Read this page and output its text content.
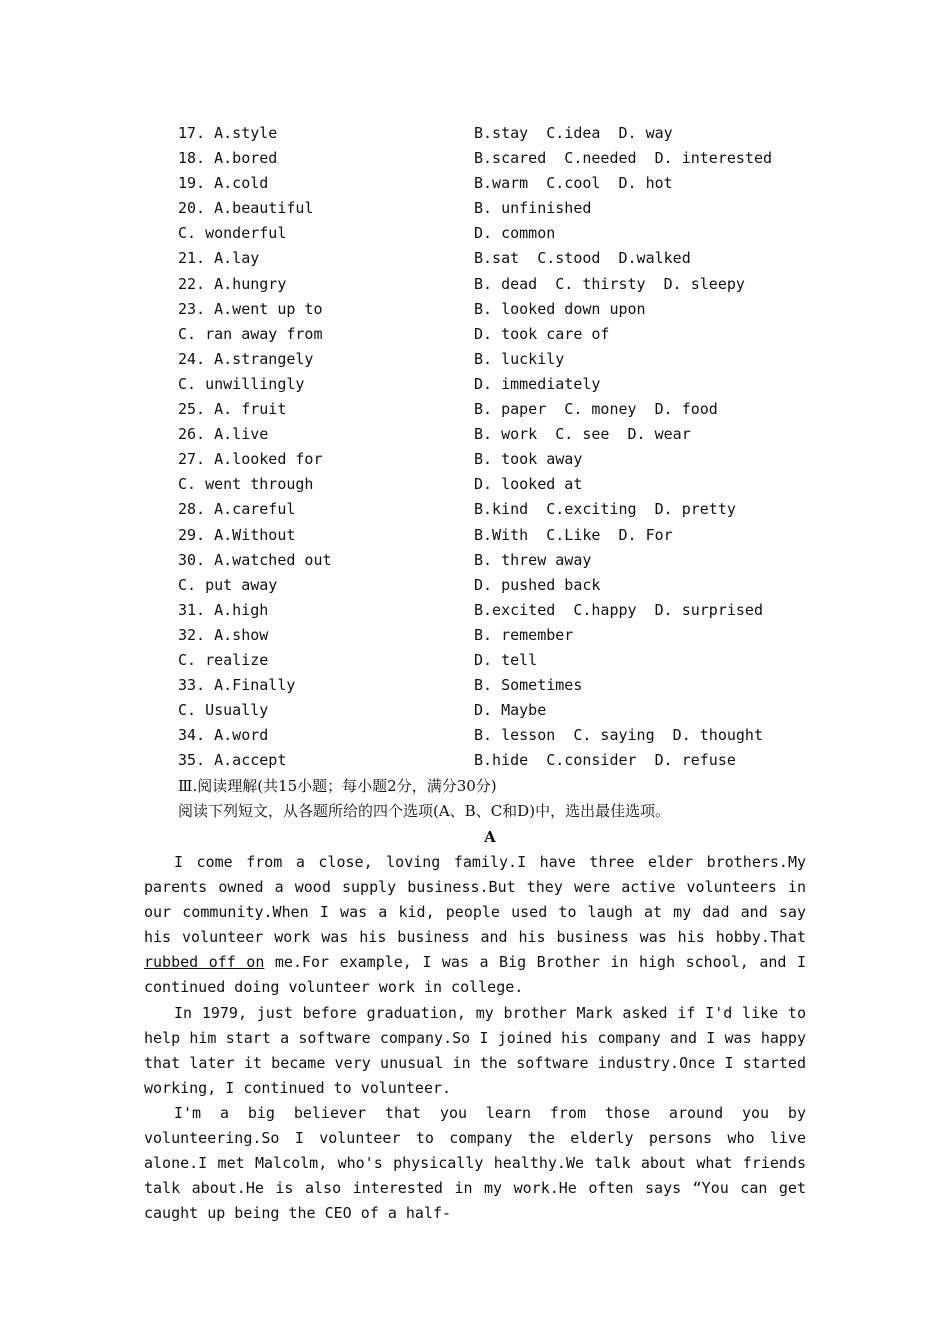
17. A.style	B.stay  C.idea  D. way
18. A.bored	B.scared  C.needed  D. interested
19. A.cold	B.warm  C.cool  D. hot
20. A.beautiful	B. unfinished
C. wonderful	D. common
21. A.lay	B.sat  C.stood  D.walked
22. A.hungry	B. dead  C. thirsty  D. sleepy
23. A.went up to	B. looked down upon
C. ran away from	D. took care of
24. A.strangely	B. luckily
C. unwillingly	D. immediately
25. A. fruit	B. paper  C. money  D. food
26. A.live	B. work  C. see  D. wear
27. A.looked for	B. took away
C. went through	D. looked at
28. A.careful	B.kind  C.exciting  D. pretty
29. A.Without	B.With  C.Like  D. For
30. A.watched out	B. threw away
C. put away	D. pushed back
31. A.high	B.excited  C.happy  D. surprised
32. A.show	B. remember
C. realize	D. tell
33. A.Finally	B. Sometimes
C. Usually	D. Maybe
34. A.word	B. lesson  C. saying  D. thought
35. A.accept	B.hide  C.consider  D. refuse
Ⅲ.阅读理解(共15小题；每小题2分，满分30分)
阅读下列短文，从各题所给的四个选项(A、B、C和D)中，选出最佳选项。
A

I come from a close, loving family.I have three elder brothers.My parents owned a wood supply business.But they were active volunteers in our community.When I was a kid, people used to laugh at my dad and say his volunteer work was his business and his business was his hobby.That rubbed off on me.For example, I was a Big Brother in high school, and I continued doing volunteer work in college.

In 1979, just before graduation, my brother Mark asked if I'd like to help him start a software company.So I joined his company and I was happy that later it became very unusual in the software industry.Once I started working, I continued to volunteer.

I'm a big believer that you learn from those around you by volunteering.So I volunteer to company the elderly persons who live alone.I met Malcolm, who's physically healthy.We talk about what friends talk about.He is also interested in my work.He often says “You can get caught up being the CEO of a half-
